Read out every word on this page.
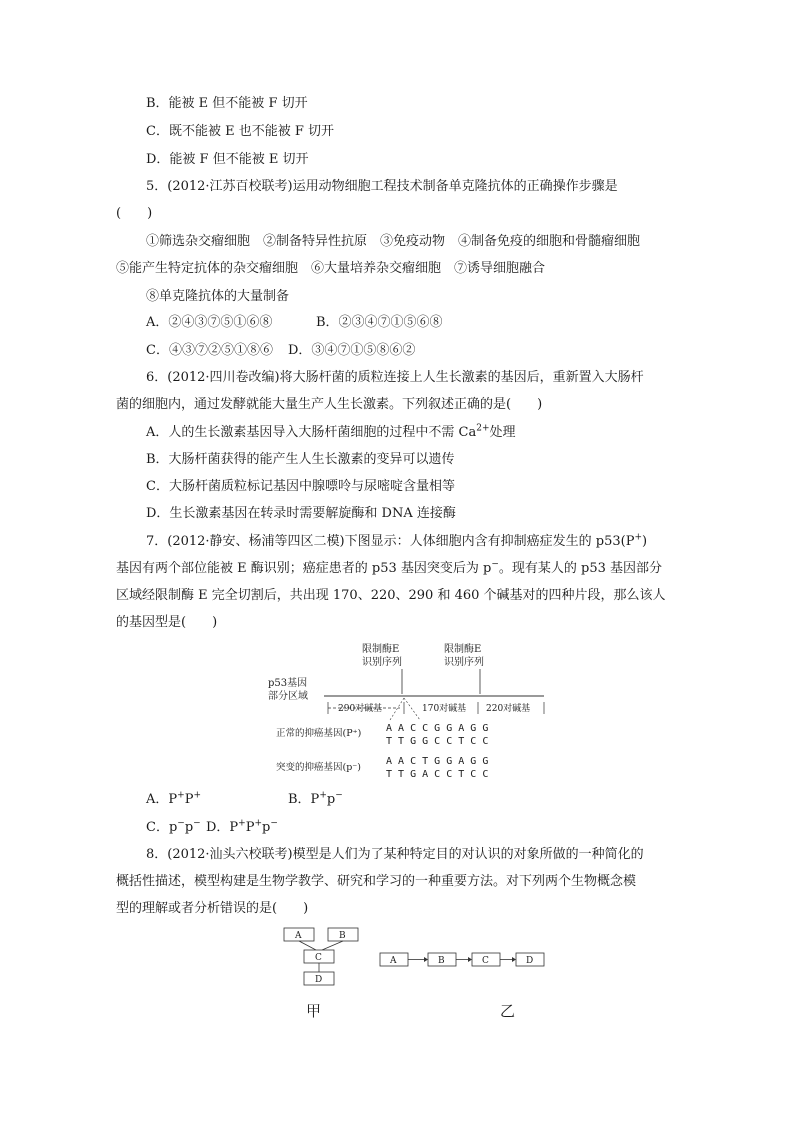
B．能被 E 但不能被 F 切开
C．既不能被 E 也不能被 F 切开
D．能被 F 但不能被 E 切开
5．(2012·江苏百校联考)运用动物细胞工程技术制备单克隆抗体的正确操作步骤是
(　　)
①筛选杂交瘤细胞　②制备特异性抗原　③免疫动物　④制备免疫的细胞和骨髓瘤细胞
⑤能产生特定抗体的杂交瘤细胞　⑥大量培养杂交瘤细胞　⑦诱导细胞融合
⑧单克隆抗体的大量制备
A．②④③⑦⑤①⑥⑧	B．②③④⑦①⑤⑥⑧
C．④③⑦②⑤①⑧⑥ D．③④⑦①⑤⑧⑥②
6．(2012·四川卷改编)将大肠杆菌的质粒连接上人生长激素的基因后，重新置入大肠杆
菌的细胞内，通过发酵就能大量生产人生长激素。下列叙述正确的是(　　)
A．人的生长激素基因导入大肠杆菌细胞的过程中不需 $Ca^{2+}$处理
B．大肠杆菌获得的能产生人生长激素的变异可以遗传
C．大肠杆菌质粒标记基因中腺嘌呤与尿嘧啶含量相等
D．生长激素基因在转录时需要解旋酶和 DNA 连接酶
7．(2012·静安、杨浦等四区二模)下图显示：人体细胞内含有抑制癌症发生的 p53(P+)
基因有两个部位能被 E 酶识别；癌症患者的 p53 基因突变后为 p−。现有某人的 p53 基因部分
区域经限制酶 E 完全切割后，共出现 170、220、290 和 460 个碱基对的四种片段，那么该人
的基因型是(　　)
限制酶E
识别序列
限制酶E
识别序列
p53基因
部分区域
290对碱基	170对碱基 220对碱基
正常的抑癌基因(P⁺) A A C C G G A G G
T T G G C C T C C
突变的抑癌基因(p⁻)
A A C T G G A G G
T T G A C C T C C
A．P+P+	B．P+p−
C．p−p− D．P+P+p−
8．(2012·汕头六校联考)模型是人们为了某种特定目的对认识的对象所做的一种简化的
概括性描述，模型构建是生物学教学、研究和学习的一种重要方法。对下列两个生物概念模
型的理解或者分析错误的是(　　)
A	B
C
D
甲
A	B	C	D
乙
